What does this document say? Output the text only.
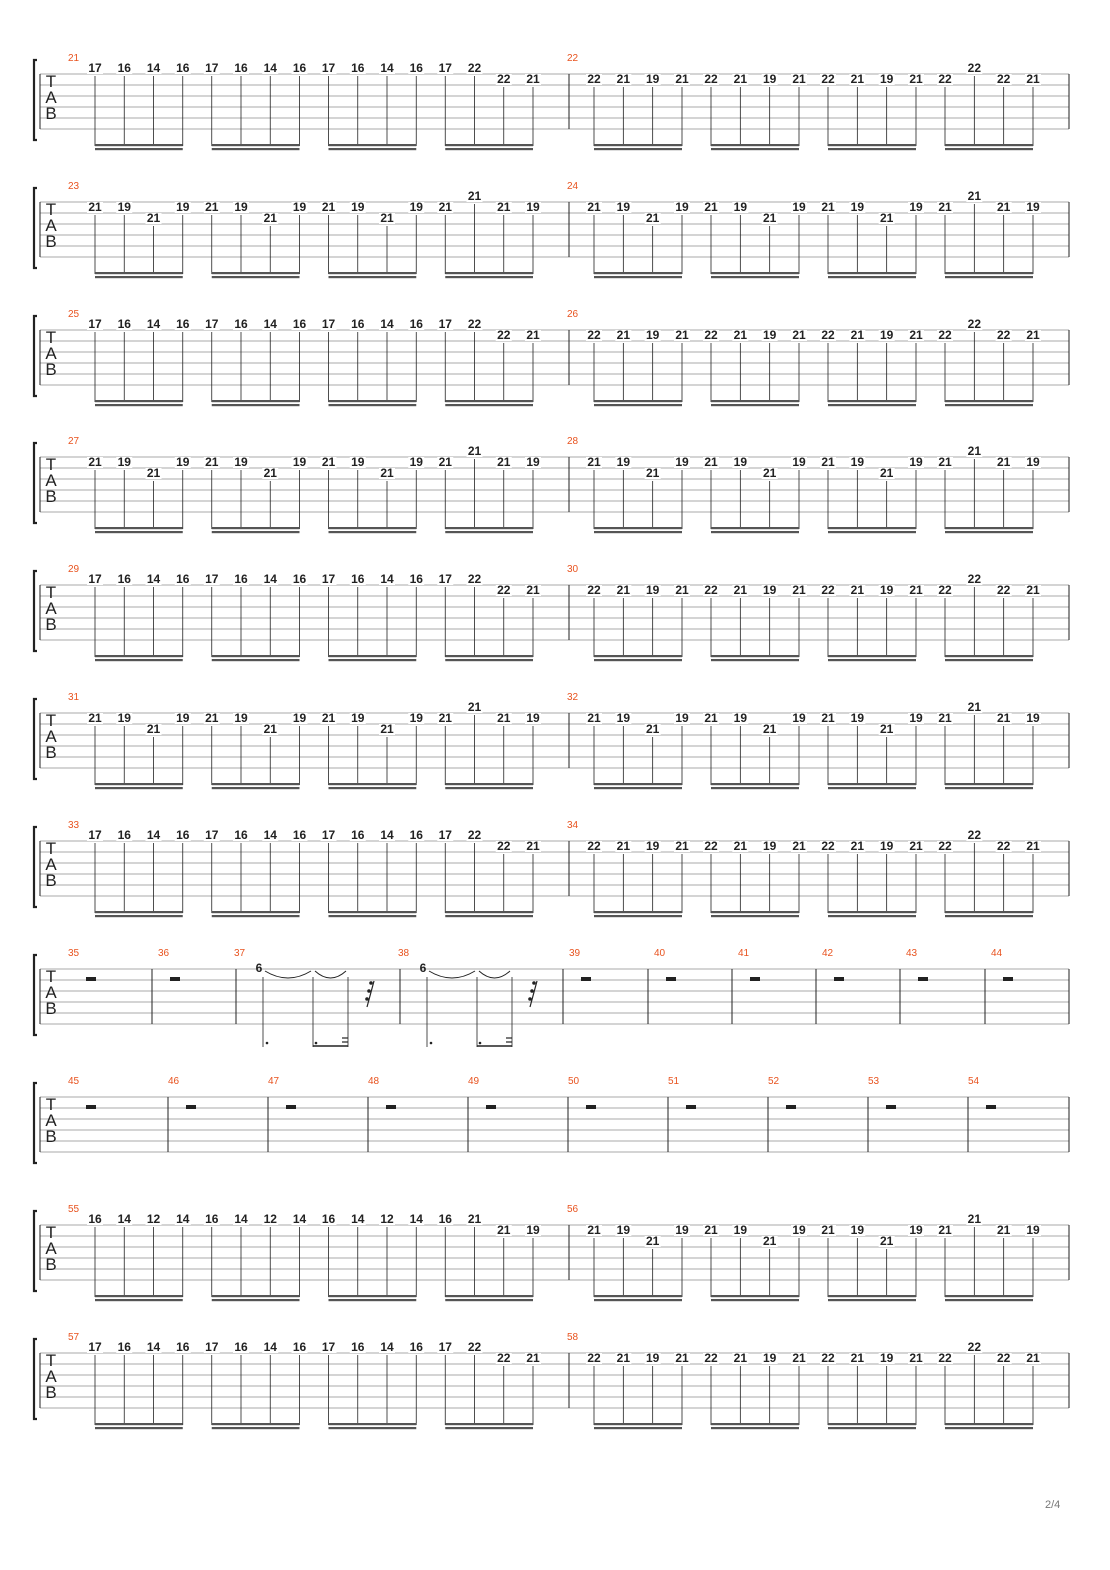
T
A
B
21
17 16 14 16 17 16 14 16 17 16 14 16 17 22
22 21
22
22 21 19 21 22 21 19 21 22 21 19 21 22
22
22 21
T
A
B
23
21 19
21
19 21 19
21
19 21 19
21
19 21
21
21 19
24
21 19
21
19 21 19
21
19 21 19
21
19 21
21
21 19
T
A
B
25
17 16 14 16 17 16 14 16 17 16 14 16 17 22
22 21
26
22 21 19 21 22 21 19 21 22 21 19 21 22
22
22 21
T
A
B
27
21 19
21
19 21 19
21
19 21 19
21
19 21
21
21 19
28
21 19
21
19 21 19
21
19 21 19
21
19 21
21
21 19
T
A
B
29
17 16 14 16 17 16 14 16 17 16 14 16 17 22
22 21
30
22 21 19 21 22 21 19 21 22 21 19 21 22
22
22 21
T
A
B
31
21 19
21
19 21 19
21
19 21 19
21
19 21
21
21 19
32
21 19
21
19 21 19
21
19 21 19
21
19 21
21
21 19
T
A
B
33
17 16 14 16 17 16 14 16 17 16 14 16 17 22
22 21
34
22 21 19 21 22 21 19 21 22 21 19 21 22
22
22 21
T
A
B
35	36	37
6
38
6
39	40	41	42	43	44
T
A
B
45	46	47	48	49	50	51	52	53	54
T
A
B
55
16 14 12 14 16 14 12 14 16 14 12 14 16 21
21 19
56
21 19
21
19 21 19
21
19 21 19
21
19 21
21
21 19
T
A
B
57
17 16 14 16 17 16 14 16 17 16 14 16 17 22
22 21
58
22 21 19 21 22 21 19 21 22 21 19 21 22
22
22 21
2/4
